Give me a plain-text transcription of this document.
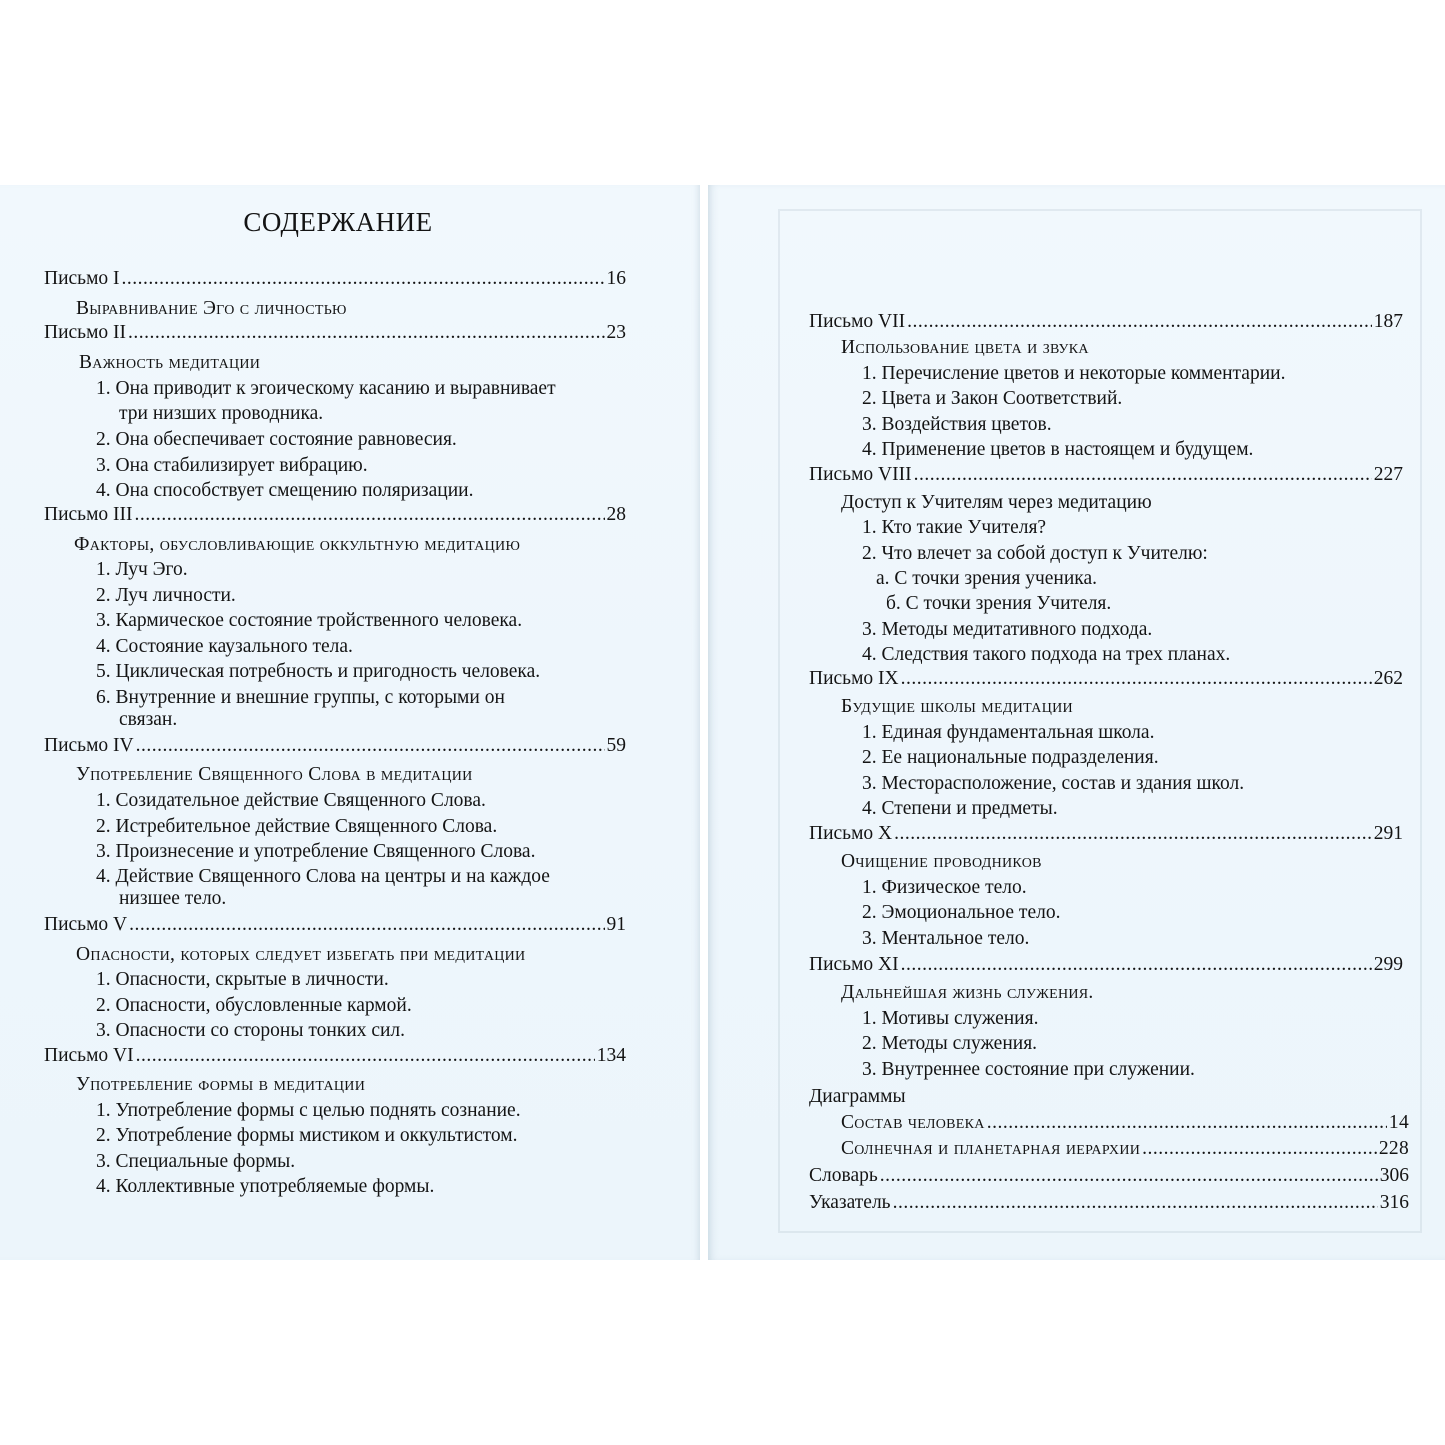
СОДЕРЖАНИЕ
Письмо I .....	16
Выравнивание Эго с личностью
Письмо II .....	23
Важность медитации
1. Она приводит к эгоическому касанию и выравнивает
три низших проводника.
2. Она обеспечивает состояние равновесия.
3. Она стабилизирует вибрацию.
4. Она способствует смещению поляризации.
Письмо III .....	28
Факторы, обусловливающие оккультную медитацию
1. Луч Эго.
2. Луч личности.
3. Кармическое состояние тройственного человека.
4. Состояние каузального тела.
5. Циклическая потребность и пригодность человека.
6. Внутренние и внешние группы, с которыми он
связан.
Письмо IV .....	59
Употребление Священного Слова в медитации
1. Созидательное действие Священного Слова.
2. Истребительное действие Священного Слова.
3. Произнесение и употребление Священного Слова.
4. Действие Священного Слова на центры и на каждое
низшее тело.
Письмо V .....	91
Опасности, которых следует избегать при медитации
1. Опасности, скрытые в личности.
2. Опасности, обусловленные кармой.
3. Опасности со стороны тонких сил.
Письмо VI .....	134
Употребление формы в медитации
1. Употребление формы с целью поднять сознание.
2. Употребление формы мистиком и оккультистом.
3. Специальные формы.
4. Коллективные употребляемые формы.
Письмо VII .....	187
Использование цвета и звука
1. Перечисление цветов и некоторые комментарии.
2. Цвета и Закон Соответствий.
3. Воздействия цветов.
4. Применение цветов в настоящем и будущем.
Письмо VIII .....	227
Доступ к Учителям через медитацию
1. Кто такие Учителя?
2. Что влечет за собой доступ к Учителю:
а. С точки зрения ученика.
б. С точки зрения Учителя.
3. Методы медитативного подхода.
4. Следствия такого подхода на трех планах.
Письмо IX .....	262
Будущие школы медитации
1. Единая фундаментальная школа.
2. Ее национальные подразделения.
3. Месторасположение, состав и здания школ.
4. Степени и предметы.
Письмо X .....	291
Очищение проводников
1. Физическое тело.
2. Эмоциональное тело.
3. Ментальное тело.
Письмо XI .....	299
Дальнейшая жизнь служения.
1. Мотивы служения.
2. Методы служения.
3. Внутреннее состояние при служении.
Диаграммы
Состав человека .....	14
Солнечная и планетарная иерархии .....	228
Словарь .....	306
Указатель .....	316
